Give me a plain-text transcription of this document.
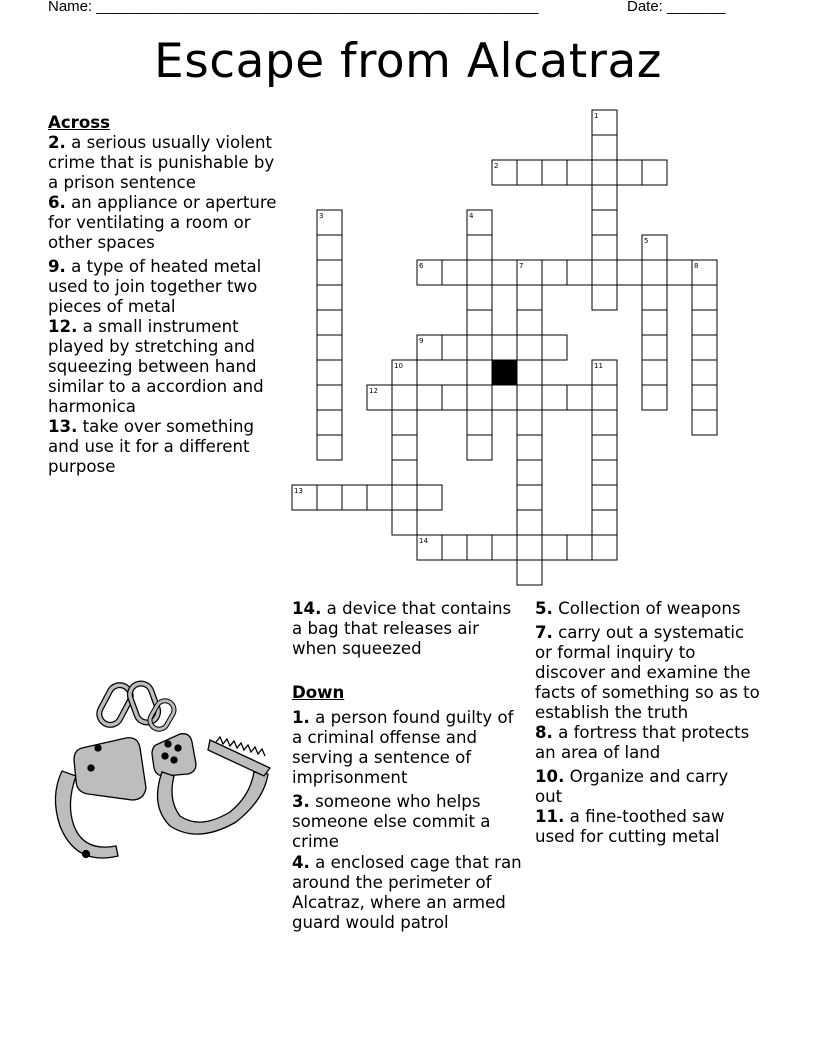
Name: _____________________________________________________	Date: _______
Escape from Alcatraz

Across

2. a serious usually violent crime that is punishable by a prison sentence

6. an appliance or aperture for ventilating a room or other spaces

9. a type of heated metal used to join together two pieces of metal

12. a small instrument played by stretching and squeezing between hand similar to a accordion and harmonica

13. take over something and use it for a different purpose

14. a device that contains a bag that releases air when squeezed

Down

1. a person found guilty of a criminal offense and serving a sentence of imprisonment

3. someone who helps someone else commit a crime

4. a enclosed cage that ran around the perimeter of Alcatraz, where an armed guard would patrol

5. Collection of weapons

7. carry out a systematic or formal inquiry to discover and examine the facts of something so as to establish the truth

8. a fortress that protects an area of land

10. Organize and carry out

11. a fine-toothed saw used for cutting metal

1
2
3	4
5
6	7	8
9
10	11
12
13
14
